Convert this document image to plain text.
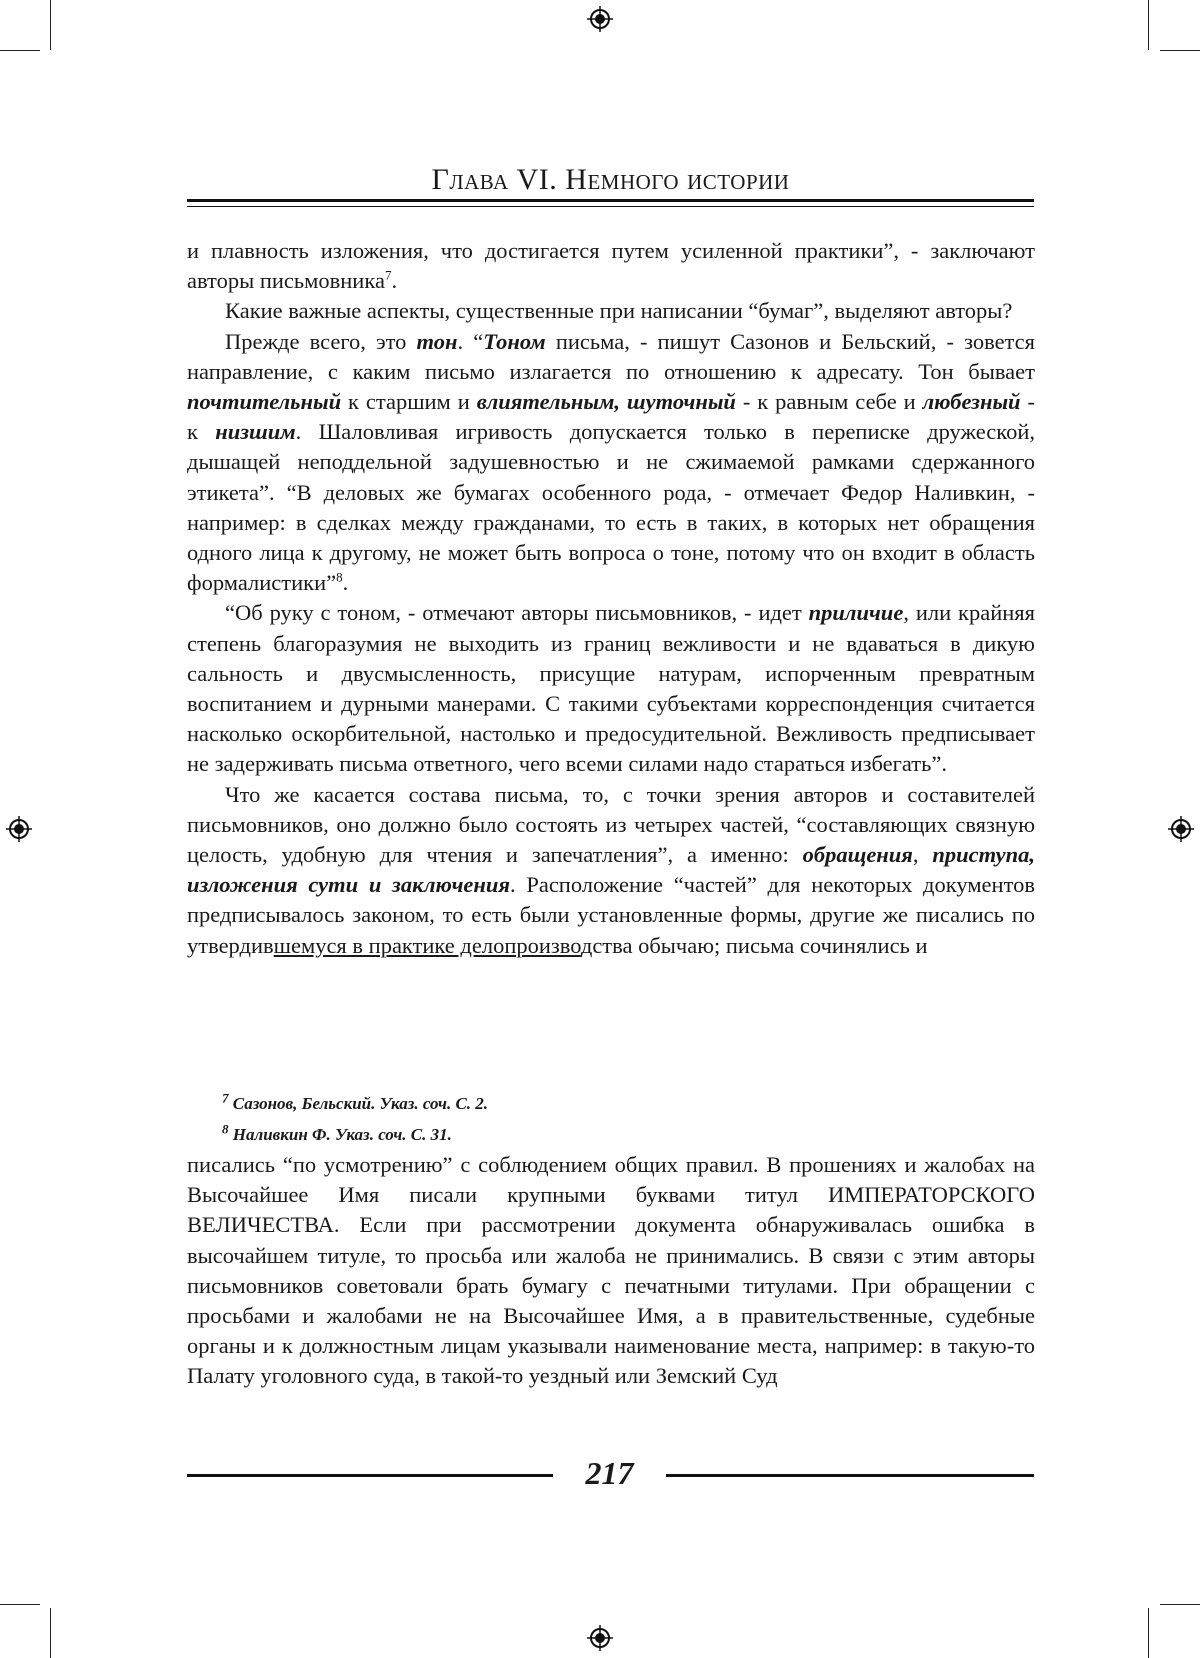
Глава VI. Немного истории

и плавность изложения, что достигается путем усиленной практики”, - заключают авторы письмовника$^7$.

Какие важные аспекты, существенные при написании “бумаг”, выделяют авторы?

Прежде всего, это тон. “Тоном письма, - пишут Сазонов и Бельский, - зовется направление, с каким письмо излагается по отношению к адресату. Тон бывает почтительный к старшим и влиятельным, шуточный - к равным себе и любезный - к низшим. Шаловливая игривость допускается только в переписке дружеской, дышащей неподдельной задушевностью и не сжимаемой рамками сдержанного этикета”. “В деловых же бумагах особенного рода, - отмечает Федор Наливкин, - например: в сделках между гражданами, то есть в таких, в которых нет обращения одного лица к другому, не может быть вопроса о тоне, потому что он входит в область формалистики”$^8$.

“Об руку с тоном, - отмечают авторы письмовников, - идет приличие, или крайняя степень благоразумия не выходить из границ вежливости и не вдаваться в дикую сальность и двусмысленность, присущие натурам, испорченным превратным воспитанием и дурными манерами. С такими субъектами корреспонденция считается насколько оскорбительной, настолько и предосудительной. Вежливость предписывает не задерживать письма ответного, чего всеми силами надо стараться избегать”.

Что же касается состава письма, то, с точки зрения авторов и составителей письмовников, оно должно было состоять из четырех частей, “составляющих связную целость, удобную для чтения и запечатления”, а именно: обращения, приступа, изложения сути и заключения. Расположение “частей” для некоторых документов предписывалось законом, то есть были установленные формы, другие же писались по утвердившемуся в практике делопроизводства обычаю; письма сочинялись и

$^7$ Сазонов, Бельский. Указ. соч. С. 2.

$^8$ Наливкин Ф. Указ. соч. С. 31.

писались “по усмотрению” с соблюдением общих правил. В прошениях и жалобах на Высочайшее Имя писали крупными буквами титул ИМПЕРАТОРСКОГО ВЕЛИЧЕСТВА. Если при рассмотрении документа обнаруживалась ошибка в высочайшем титуле, то просьба или жалоба не принимались. В связи с этим авторы письмовников советовали брать бумагу с печатными титулами. При обращении с просьбами и жалобами не на Высочайшее Имя, а в правительственные, судебные органы и к должностным лицам указывали наименование места, например: в такую-то Палату уголовного суда, в такой-то уездный или Земский Суд

217
